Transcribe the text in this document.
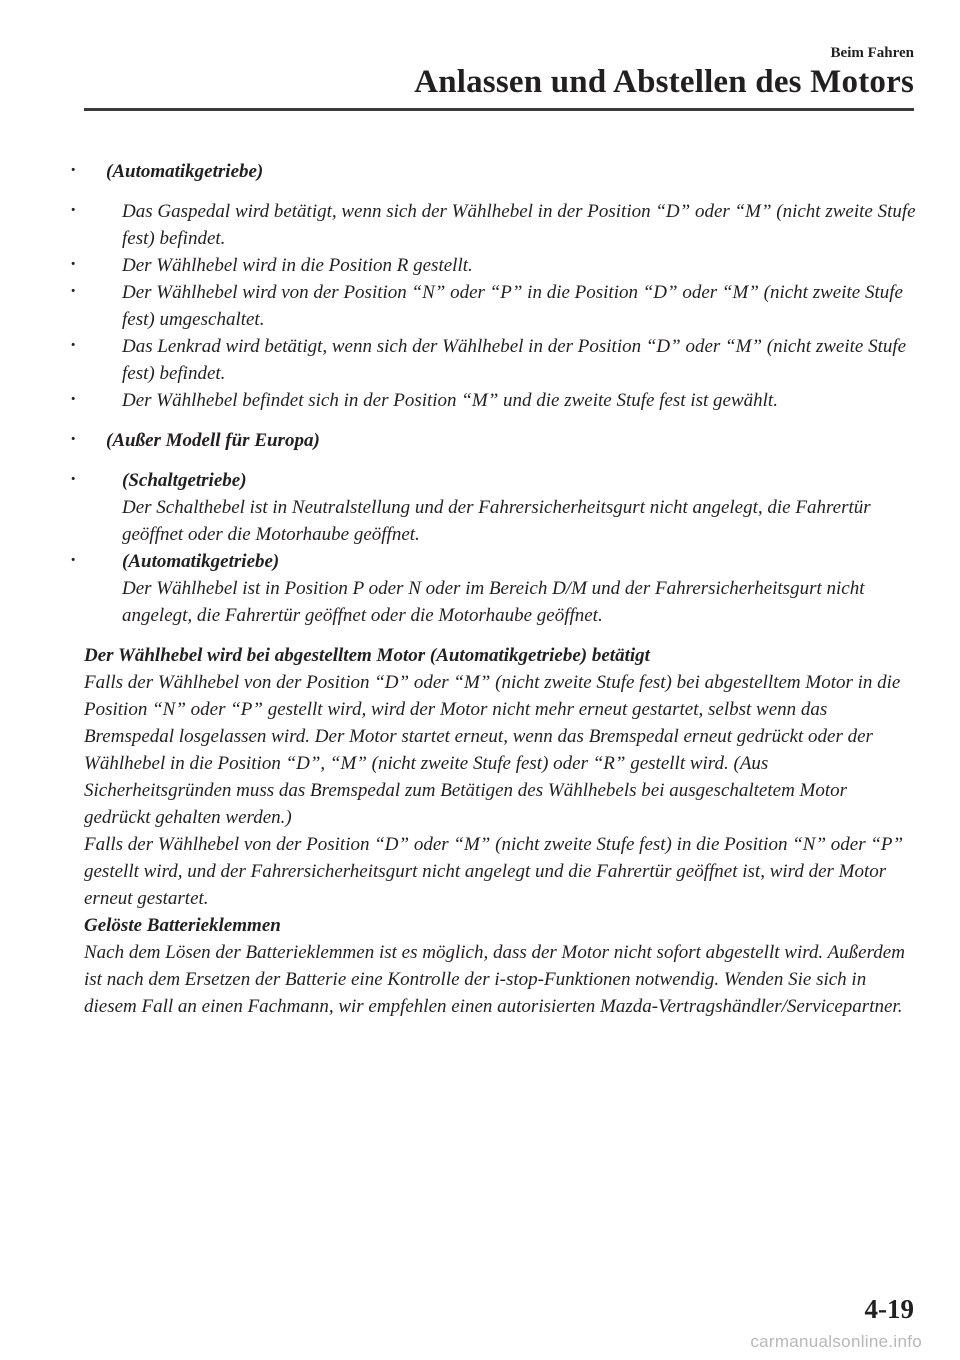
Beim Fahren
Anlassen und Abstellen des Motors
· (Automatikgetriebe)
· Das Gaspedal wird betätigt, wenn sich der Wählhebel in der Position “D” oder “M” (nicht zweite Stufe fest) befindet.
· Der Wählhebel wird in die Position R gestellt.
· Der Wählhebel wird von der Position “N” oder “P” in die Position “D” oder “M” (nicht zweite Stufe fest) umgeschaltet.
· Das Lenkrad wird betätigt, wenn sich der Wählhebel in der Position “D” oder “M” (nicht zweite Stufe fest) befindet.
· Der Wählhebel befindet sich in der Position “M” und die zweite Stufe fest ist gewählt.
· (Außer Modell für Europa)
· (Schaltgetriebe)
Der Schalthebel ist in Neutralstellung und der Fahrersicherheitsgurt nicht angelegt, die Fahrertür geöffnet oder die Motorhaube geöffnet.
· (Automatikgetriebe)
Der Wählhebel ist in Position P oder N oder im Bereich D/M und der Fahrersicherheitsgurt nicht angelegt, die Fahrertür geöffnet oder die Motorhaube geöffnet.
Der Wählhebel wird bei abgestelltem Motor (Automatikgetriebe) betätigt
Falls der Wählhebel von der Position “D” oder “M” (nicht zweite Stufe fest) bei abgestelltem Motor in die Position “N” oder “P” gestellt wird, wird der Motor nicht mehr erneut gestartet, selbst wenn das Bremspedal losgelassen wird. Der Motor startet erneut, wenn das Bremspedal erneut gedrückt oder der Wählhebel in die Position “D”, “M” (nicht zweite Stufe fest) oder “R” gestellt wird. (Aus Sicherheitsgründen muss das Bremspedal zum Betätigen des Wählhebels bei ausgeschaltetem Motor gedrückt gehalten werden.)
Falls der Wählhebel von der Position “D” oder “M” (nicht zweite Stufe fest) in die Position “N” oder “P” gestellt wird, und der Fahrersicherheitsgurt nicht angelegt und die Fahrertür geöffnet ist, wird der Motor erneut gestartet.
Gelöste Batterieklemmen
Nach dem Lösen der Batterieklemmen ist es möglich, dass der Motor nicht sofort abgestellt wird. Außerdem ist nach dem Ersetzen der Batterie eine Kontrolle der i-stop-Funktionen notwendig. Wenden Sie sich in diesem Fall an einen Fachmann, wir empfehlen einen autorisierten Mazda-Vertragshändler/Servicepartner.
4-19
carmanualsonline.info
